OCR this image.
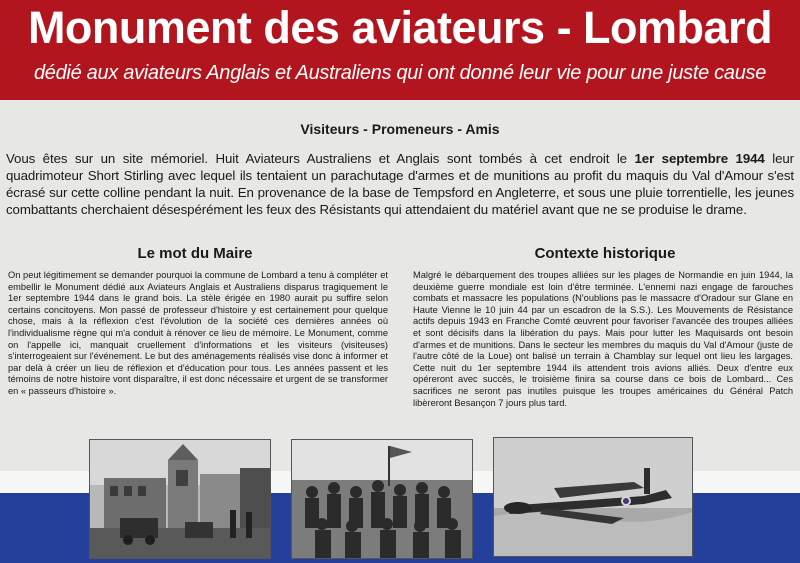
Monument des aviateurs - Lombard
dédié aux aviateurs Anglais et Australiens qui ont donné leur vie pour une juste cause
Visiteurs - Promeneurs - Amis

Vous êtes sur un site mémoriel. Huit Aviateurs Australiens et Anglais sont tombés à cet endroit le 1er septembre 1944 leur quadrimoteur Short Stirling avec lequel ils tentaient un parachutage d'armes et de munitions au profit du maquis du Val d'Amour s'est écrasé sur cette colline pendant la nuit. En provenance de la base de Tempsford en Angleterre, et sous une pluie torrentielle, les jeunes combattants cherchaient désespérément les feux des Résistants qui attendaient du matériel avant que ne se produise le drame.

Le mot du Maire

On peut légitimement se demander pourquoi la commune de Lombard a tenu à compléter et embellir le Monument dédié aux Aviateurs Anglais et Australiens disparus tragiquement le 1er septembre 1944 dans le grand bois. La stèle érigée en 1980 aurait pu suffire selon certains concitoyens. Mon passé de professeur d'histoire y est certainement pour quelque chose, mais à la réflexion c'est l'évolution de la société ces dernières années où l'individualisme règne qui m'a conduit à rénover ce lieu de mémoire. Le Monument, comme on l'appelle ici, manquait cruellement d'informations et les visiteurs (visiteuses) s'interrogeaient sur l'événement. Le but des aménagements réalisés vise donc à informer et par delà à créer un lieu de réflexion et d'éducation pour tous. Les années passent et les témoins de notre histoire vont disparaître, il est donc nécessaire et urgent de se transformer en « passeurs d'histoire ».

Contexte historique

Malgré le débarquement des troupes alliées sur les plages de Normandie en juin 1944, la deuxième guerre mondiale est loin d'être terminée. L'ennemi nazi engage de farouches combats et massacre les populations (N'oublions pas le massacre d'Oradour sur Glane en Haute Vienne le 10 juin 44 par un escadron de la S.S.). Les Mouvements de Résistance actifs depuis 1943 en Franche Comté œuvrent pour favoriser l'avancée des troupes alliées et sont décisifs dans la libération du pays. Mais pour lutter les Maquisards ont besoin d'armes et de munitions. Dans le secteur les membres du maquis du Val d'Amour (juste de l'autre côté de la Loue) ont balisé un terrain à Chamblay sur lequel ont lieu les largages. Cette nuit du 1er septembre 1944 ils attendent trois avions alliés. Deux d'entre eux opéreront avec succès, le troisième finira sa course dans ce bois de Lombard... Ces sacrifices ne seront pas inutiles puisque les troupes américaines du Général Patch libèreront Besançon 7 jours plus tard.
